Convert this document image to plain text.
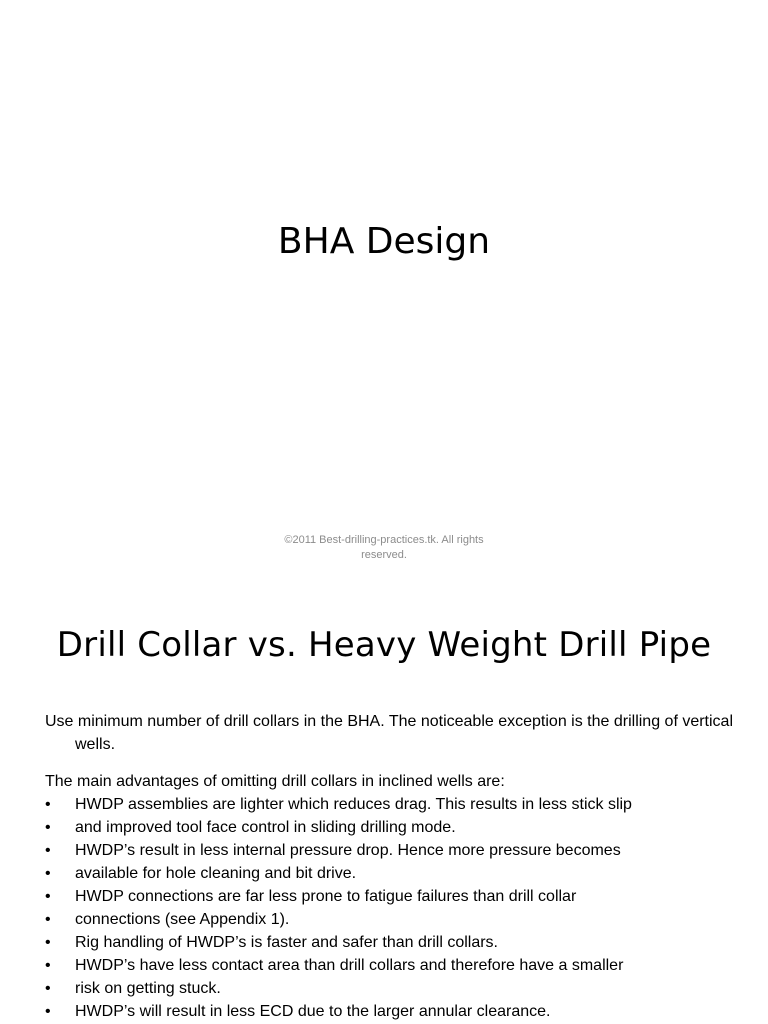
BHA Design
©2011 Best-drilling-practices.tk. All rights
reserved.
Drill Collar vs. Heavy Weight Drill Pipe

Use minimum number of drill collars in the BHA. The noticeable exception is the drilling of vertical wells.

The main advantages of omitting drill collars in inclined wells are:

• HWDP assemblies are lighter which reduces drag. This results in less stick slip
• and improved tool face control in sliding drilling mode.
• HWDP’s result in less internal pressure drop. Hence more pressure becomes
• available for hole cleaning and bit drive.
• HWDP connections are far less prone to fatigue failures than drill collar
• connections (see Appendix 1).
• Rig handling of HWDP’s is faster and safer than drill collars.
• HWDP’s have less contact area than drill collars and therefore have a smaller
• risk on getting stuck.
• HWDP’s will result in less ECD due to the larger annular clearance.
